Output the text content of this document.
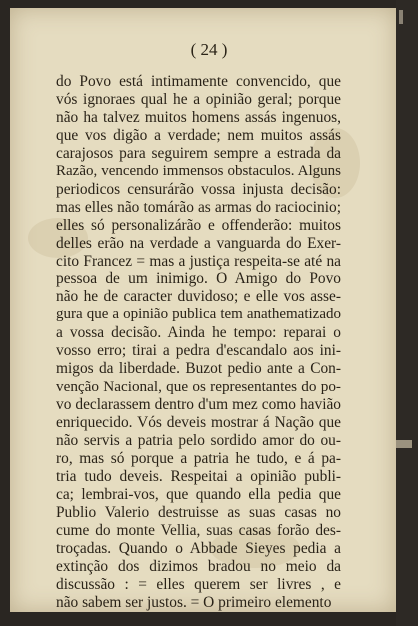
( 24 )
do Povo está intimamente convencido, que
vós ignoraes qual he a opinião geral; porque
não ha talvez muitos homens assás ingenuos,
que vos digão a verdade; nem muitos assás
carajosos para seguirem sempre a estrada da
Razão, vencendo immensos obstaculos. Alguns
periodicos censurárão vossa injusta decisão:
mas elles não tomárão as armas do raciocinio;
elles só personalizárão e offenderão: muitos
delles erão na verdade a vanguarda do Exer-
cito Francez = mas a justiça respeita-se até na
pessoa de um inimigo. O Amigo do Povo
não he de caracter duvidoso; e elle vos asse-
gura que a opinião publica tem anathematizado
a vossa decisão. Ainda he tempo: reparai o
vosso erro; tirai a pedra d'escandalo aos ini-
migos da liberdade. Buzot pedio ante a Con-
venção Nacional, que os representantes do po-
vo declarassem dentro d'um mez como havião
enriquecido. Vós deveis mostrar á Nação que
não servis a patria pelo sordido amor do ou-
ro, mas só porque a patria he tudo, e á pa-
tria tudo deveis. Respeitai a opinião publi-
ca; lembrai-vos, que quando ella pedia que
Publio Valerio destruisse as suas casas no
cume do monte Vellia, suas casas forão des-
troçadas. Quando o Abbade Sieyes pedia a
extinção dos dizimos bradou no meio da
discussão : = elles querem ser livres , e
não sabem ser justos. = O primeiro elemento
